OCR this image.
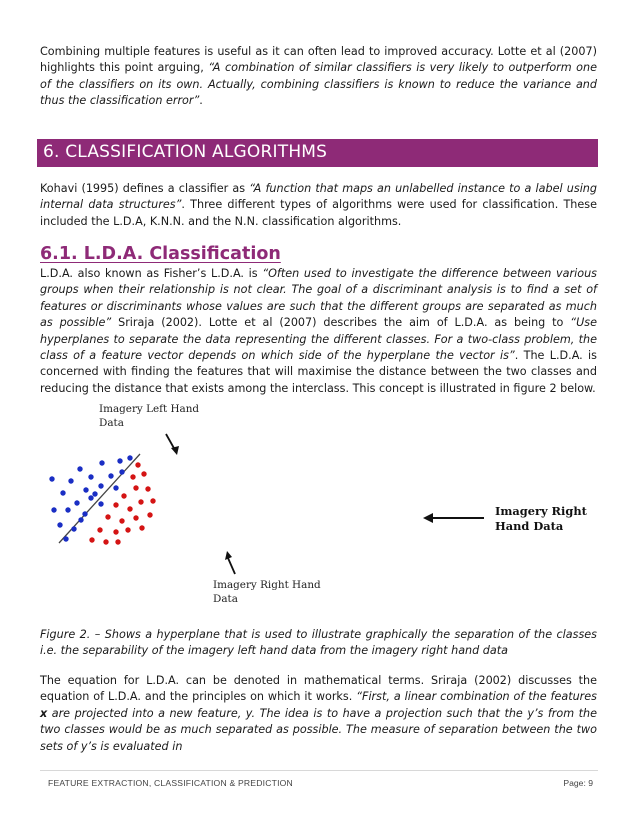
Combining multiple features is useful as it can often lead to improved accuracy. Lotte et al (2007) highlights this point arguing, “A combination of similar classifiers is very likely to outperform one of the classifiers on its own. Actually, combining classifiers is known to reduce the variance and thus the classification error”.

6. CLASSIFICATION ALGORITHMS

Kohavi (1995) defines a classifier as “A function that maps an unlabelled instance to a label using internal data structures”. Three different types of algorithms were used for classification. These included the L.D.A, K.N.N. and the N.N. classification algorithms.

6.1. L.D.A. Classification

L.D.A. also known as Fisher’s L.D.A. is “Often used to investigate the difference between various groups when their relationship is not clear. The goal of a discriminant analysis is to find a set of features or discriminants whose values are such that the different groups are separated as much as possible” Sriraja (2002). Lotte et al (2007) describes the aim of L.D.A. as being to “Use hyperplanes to separate the data representing the different classes. For a two-class problem, the class of a feature vector depends on which side of the hyperplane the vector is”. The L.D.A. is concerned with finding the features that will maximise the distance between the two classes and reducing the distance that exists among the interclass. This concept is illustrated in figure 2 below.

Imagery Left Hand
Data
Imagery Right Hand
Data
Imagery Right
Hand Data

Figure 2. – Shows a hyperplane that is used to illustrate graphically the separation of the classes i.e. the separability of the imagery left hand data from the imagery right hand data

The equation for L.D.A. can be denoted in mathematical terms. Sriraja (2002) discusses the equation of L.D.A. and the principles on which it works. “First, a linear combination of the features x are projected into a new feature, y. The idea is to have a projection such that the y’s from the two classes would be as much separated as possible. The measure of separation between the two sets of y’s is evaluated in

FEATURE EXTRACTION, CLASSIFICATION & PREDICTION	Page: 9
